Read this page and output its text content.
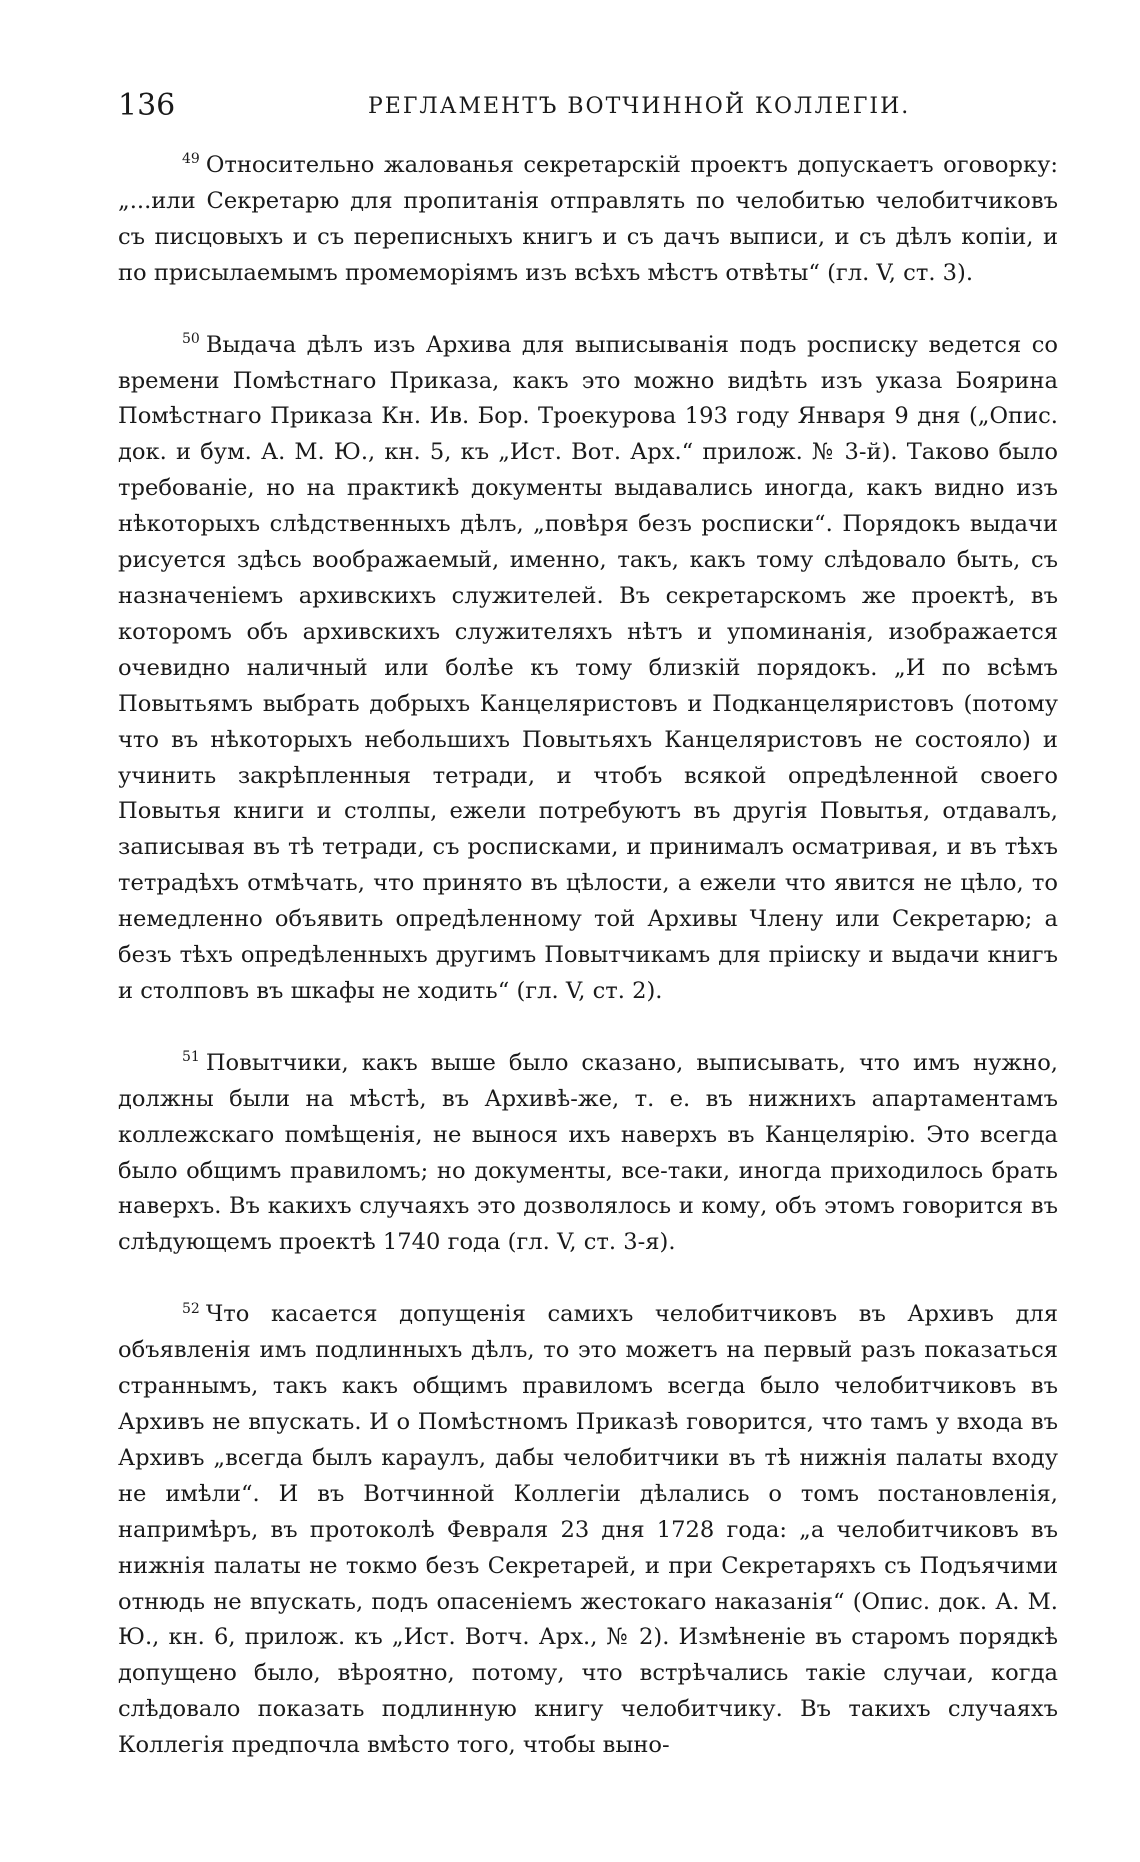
136	РЕГЛАМЕНТЪ ВОТЧИННОЙ КОЛЛЕГІИ.

$^{49}$ Относительно жалованья секретарскій проектъ допускаетъ оговорку: „...или Секретарю для пропитанія отправлять по челобитью челобитчиковъ съ писцовыхъ и съ переписныхъ книгъ и съ дачъ выписи, и съ дѣлъ копіи, и по присылаемымъ промеморіямъ изъ всѣхъ мѣстъ отвѣты“ (гл. V, ст. 3).

$^{50}$ Выдача дѣлъ изъ Архива для выписыванія подъ росписку ведется со времени Помѣстнаго Приказа, какъ это можно видѣть изъ указа Боярина Помѣстнаго Приказа Кн. Ив. Бор. Троекурова 193 году Января 9 дня („Опис. док. и бум. А. М. Ю., кн. 5, къ „Ист. Вот. Арх.“ прилож. № 3-й). Таково было требованіе, но на практикѣ документы выдавались иногда, какъ видно изъ нѣкоторыхъ слѣдственныхъ дѣлъ, „повѣря безъ росписки“. Порядокъ выдачи рисуется здѣсь воображаемый, именно, такъ, какъ тому слѣдовало быть, съ назначеніемъ архивскихъ служителей. Въ секретарскомъ же проектѣ, въ которомъ объ архивскихъ служителяхъ нѣтъ и упоминанія, изображается очевидно наличный или болѣе къ тому близкій порядокъ. „И по всѣмъ Повытьямъ выбрать добрыхъ Канцеляристовъ и Подканцеляристовъ (потому что въ нѣкоторыхъ небольшихъ Повытьяхъ Канцеляристовъ не состояло) и учинить закрѣпленныя тетради, и чтобъ всякой опредѣленной своего Повытья книги и столпы, ежели потребуютъ въ другія Повытья, отдавалъ, записывая въ тѣ тетради, съ росписками, и принималъ осматривая, и въ тѣхъ тетрадѣхъ отмѣчать, что принято въ цѣлости, а ежели что явится не цѣло, то немедленно объявить опредѣленному той Архивы Члену или Секретарю; а безъ тѣхъ опредѣленныхъ другимъ Повытчикамъ для пріиску и выдачи книгъ и столповъ въ шкафы не ходить“ (гл. V, ст. 2).

$^{51}$ Повытчики, какъ выше было сказано, выписывать, что имъ нужно, должны были на мѣстѣ, въ Архивѣ-же, т. е. въ нижнихъ апартаментамъ коллежскаго помѣщенія, не вынося ихъ наверхъ въ Канцелярію. Это всегда было общимъ правиломъ; но документы, все-таки, иногда приходилось брать наверхъ. Въ какихъ случаяхъ это дозволялось и кому, объ этомъ говорится въ слѣдующемъ проектѣ 1740 года (гл. V, ст. 3-я).

$^{52}$ Что касается допущенія самихъ челобитчиковъ въ Архивъ для объявленія имъ подлинныхъ дѣлъ, то это можетъ на первый разъ показаться страннымъ, такъ какъ общимъ правиломъ всегда было челобитчиковъ въ Архивъ не впускать. И о Помѣстномъ Приказѣ говорится, что тамъ у входа въ Архивъ „всегда былъ караулъ, дабы челобитчики въ тѣ нижнія палаты входу не имѣли“. И въ Вотчинной Коллегіи дѣлались о томъ постановленія, напримѣръ, въ протоколѣ Февраля 23 дня 1728 года: „а челобитчиковъ въ нижнія палаты не токмо безъ Секретарей, и при Секретаряхъ съ Подъячими отнюдь не впускать, подъ опасеніемъ жестокаго наказанія“ (Опис. док. А. М. Ю., кн. 6, прилож. къ „Ист. Вотч. Арх., № 2). Измѣненіе въ старомъ порядкѣ допущено было, вѣроятно, потому, что встрѣчались такіе случаи, когда слѣдовало показать подлинную книгу челобитчику. Въ такихъ случаяхъ Коллегія предпочла вмѣсто того, чтобы выно-
